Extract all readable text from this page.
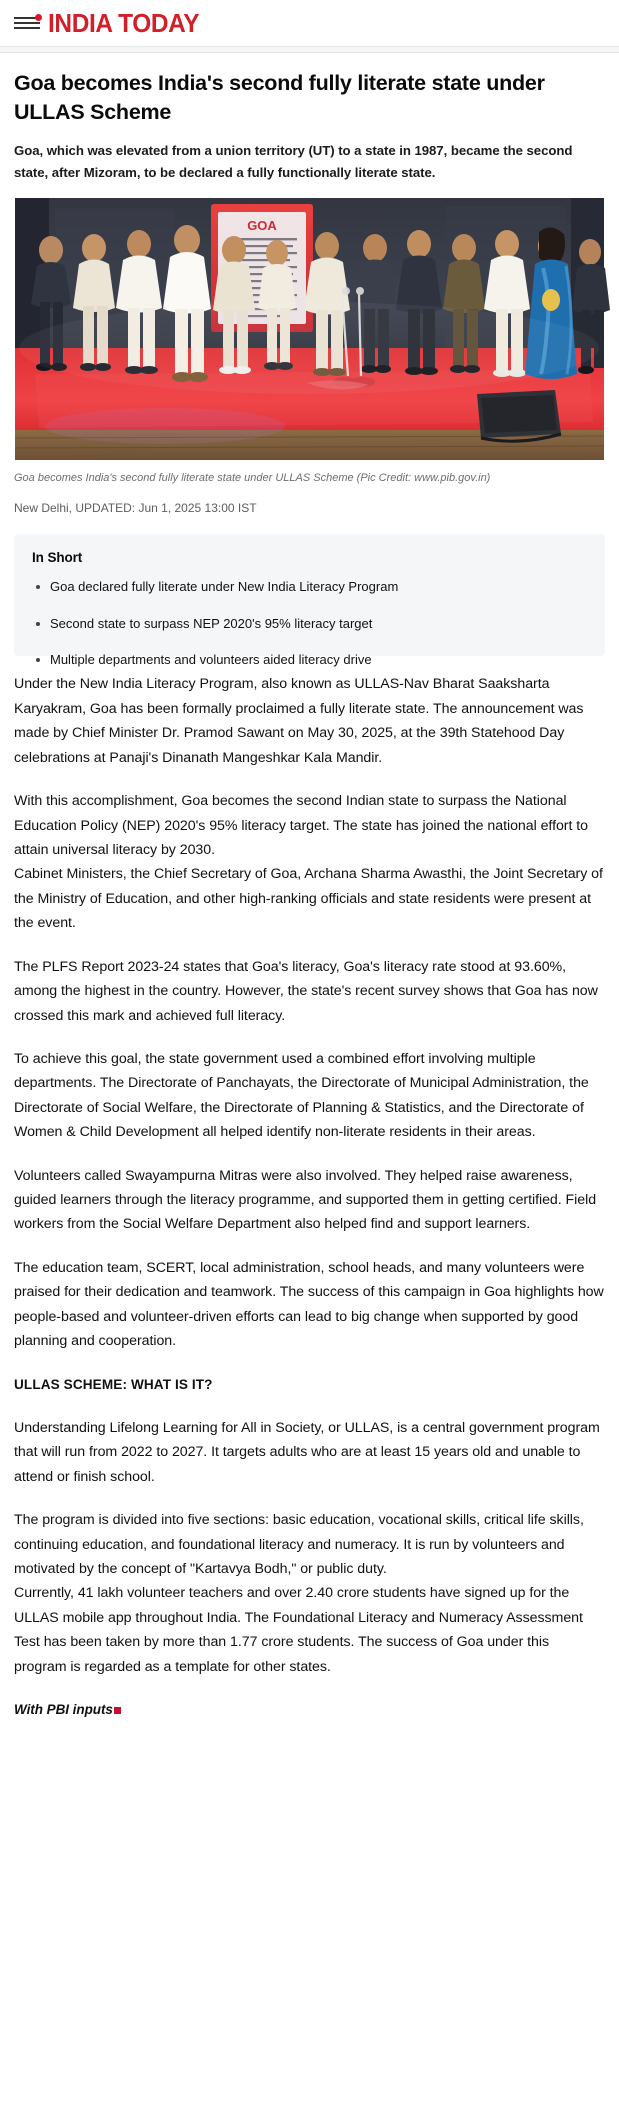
INDIA TODAY
Goa becomes India's second fully literate state under ULLAS Scheme

Goa, which was elevated from a union territory (UT) to a state in 1987, became the second state, after Mizoram, to be declared a fully functionally literate state.

GOA

Goa becomes India's second fully literate state under ULLAS Scheme (Pic Credit: www.pib.gov.in)

New Delhi, UPDATED: Jun 1, 2025 13:00 IST

In Short
Goa declared fully literate under New India Literacy Program
Second state to surpass NEP 2020's 95% literacy target
Multiple departments and volunteers aided literacy drive

Under the New India Literacy Program, also known as ULLAS-Nav Bharat Saaksharta Karyakram, Goa has been formally proclaimed a fully literate state. The announcement was made by Chief Minister Dr. Pramod Sawant on May 30, 2025, at the 39th Statehood Day celebrations at Panaji's Dinanath Mangeshkar Kala Mandir.

With this accomplishment, Goa becomes the second Indian state to surpass the National Education Policy (NEP) 2020's 95% literacy target. The state has joined the national effort to attain universal literacy by 2030.
Cabinet Ministers, the Chief Secretary of Goa, Archana Sharma Awasthi, the Joint Secretary of the Ministry of Education, and other high-ranking officials and state residents were present at the event.

The PLFS Report 2023-24 states that Goa's literacy, Goa's literacy rate stood at 93.60%, among the highest in the country. However, the state's recent survey shows that Goa has now crossed this mark and achieved full literacy.

To achieve this goal, the state government used a combined effort involving multiple departments. The Directorate of Panchayats, the Directorate of Municipal Administration, the Directorate of Social Welfare, the Directorate of Planning & Statistics, and the Directorate of Women & Child Development all helped identify non-literate residents in their areas.

Volunteers called Swayampurna Mitras were also involved. They helped raise awareness, guided learners through the literacy programme, and supported them in getting certified. Field workers from the Social Welfare Department also helped find and support learners.

The education team, SCERT, local administration, school heads, and many volunteers were praised for their dedication and teamwork. The success of this campaign in Goa highlights how people-based and volunteer-driven efforts can lead to big change when supported by good planning and cooperation.

ULLAS SCHEME: WHAT IS IT?

Understanding Lifelong Learning for All in Society, or ULLAS, is a central government program that will run from 2022 to 2027. It targets adults who are at least 15 years old and unable to attend or finish school.

The program is divided into five sections: basic education, vocational skills, critical life skills, continuing education, and foundational literacy and numeracy. It is run by volunteers and motivated by the concept of "Kartavya Bodh," or public duty.
Currently, 41 lakh volunteer teachers and over 2.40 crore students have signed up for the ULLAS mobile app throughout India. The Foundational Literacy and Numeracy Assessment Test has been taken by more than 1.77 crore students. The success of Goa under this program is regarded as a template for other states.

With PBI inputs
